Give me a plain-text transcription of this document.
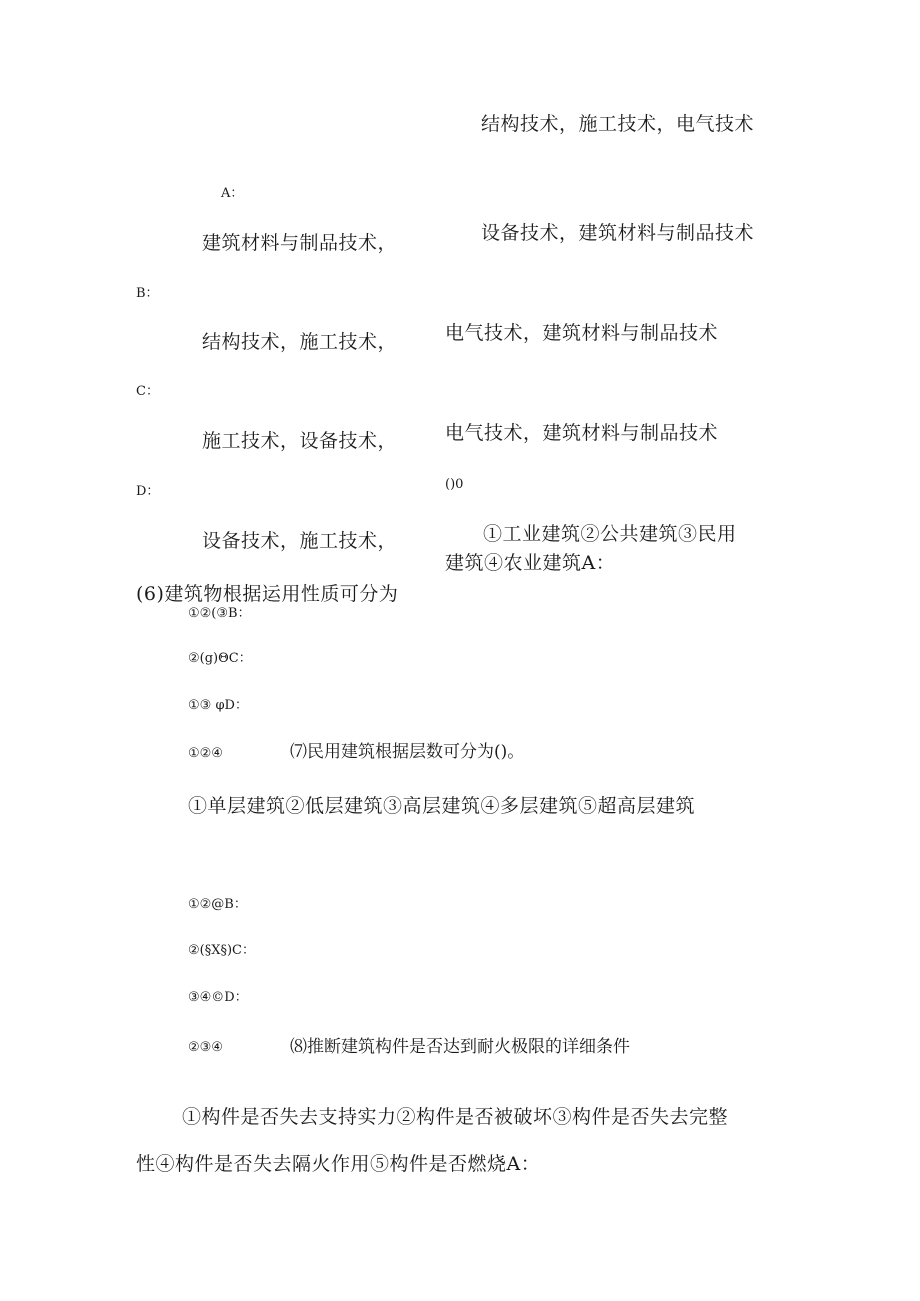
结构技术，施工技术，电气技术
A：
建筑材料与制品技术，	设备技术，建筑材料与制品技术
B：
结构技术，施工技术，	电气技术，建筑材料与制品技术
C：
施工技术，设备技术，	电气技术，建筑材料与制品技术
D：	()0
设备技术，施工技术，	①工业建筑②公共建筑③民用
建筑④农业建筑A：
(6)建筑物根据运用性质可分为
①②(③B：
②(g)ΘC：
①③ φD：
①②④	⑺民用建筑根据层数可分为()。
①单层建筑②低层建筑③高层建筑④多层建筑⑤超高层建筑
①②@B：
②(§X§)C：
③④©D：
②③④	⑻推断建筑构件是否达到耐火极限的详细条件
①构件是否失去支持实力②构件是否被破坏③构件是否失去完整
性④构件是否失去隔火作用⑤构件是否燃烧A：
